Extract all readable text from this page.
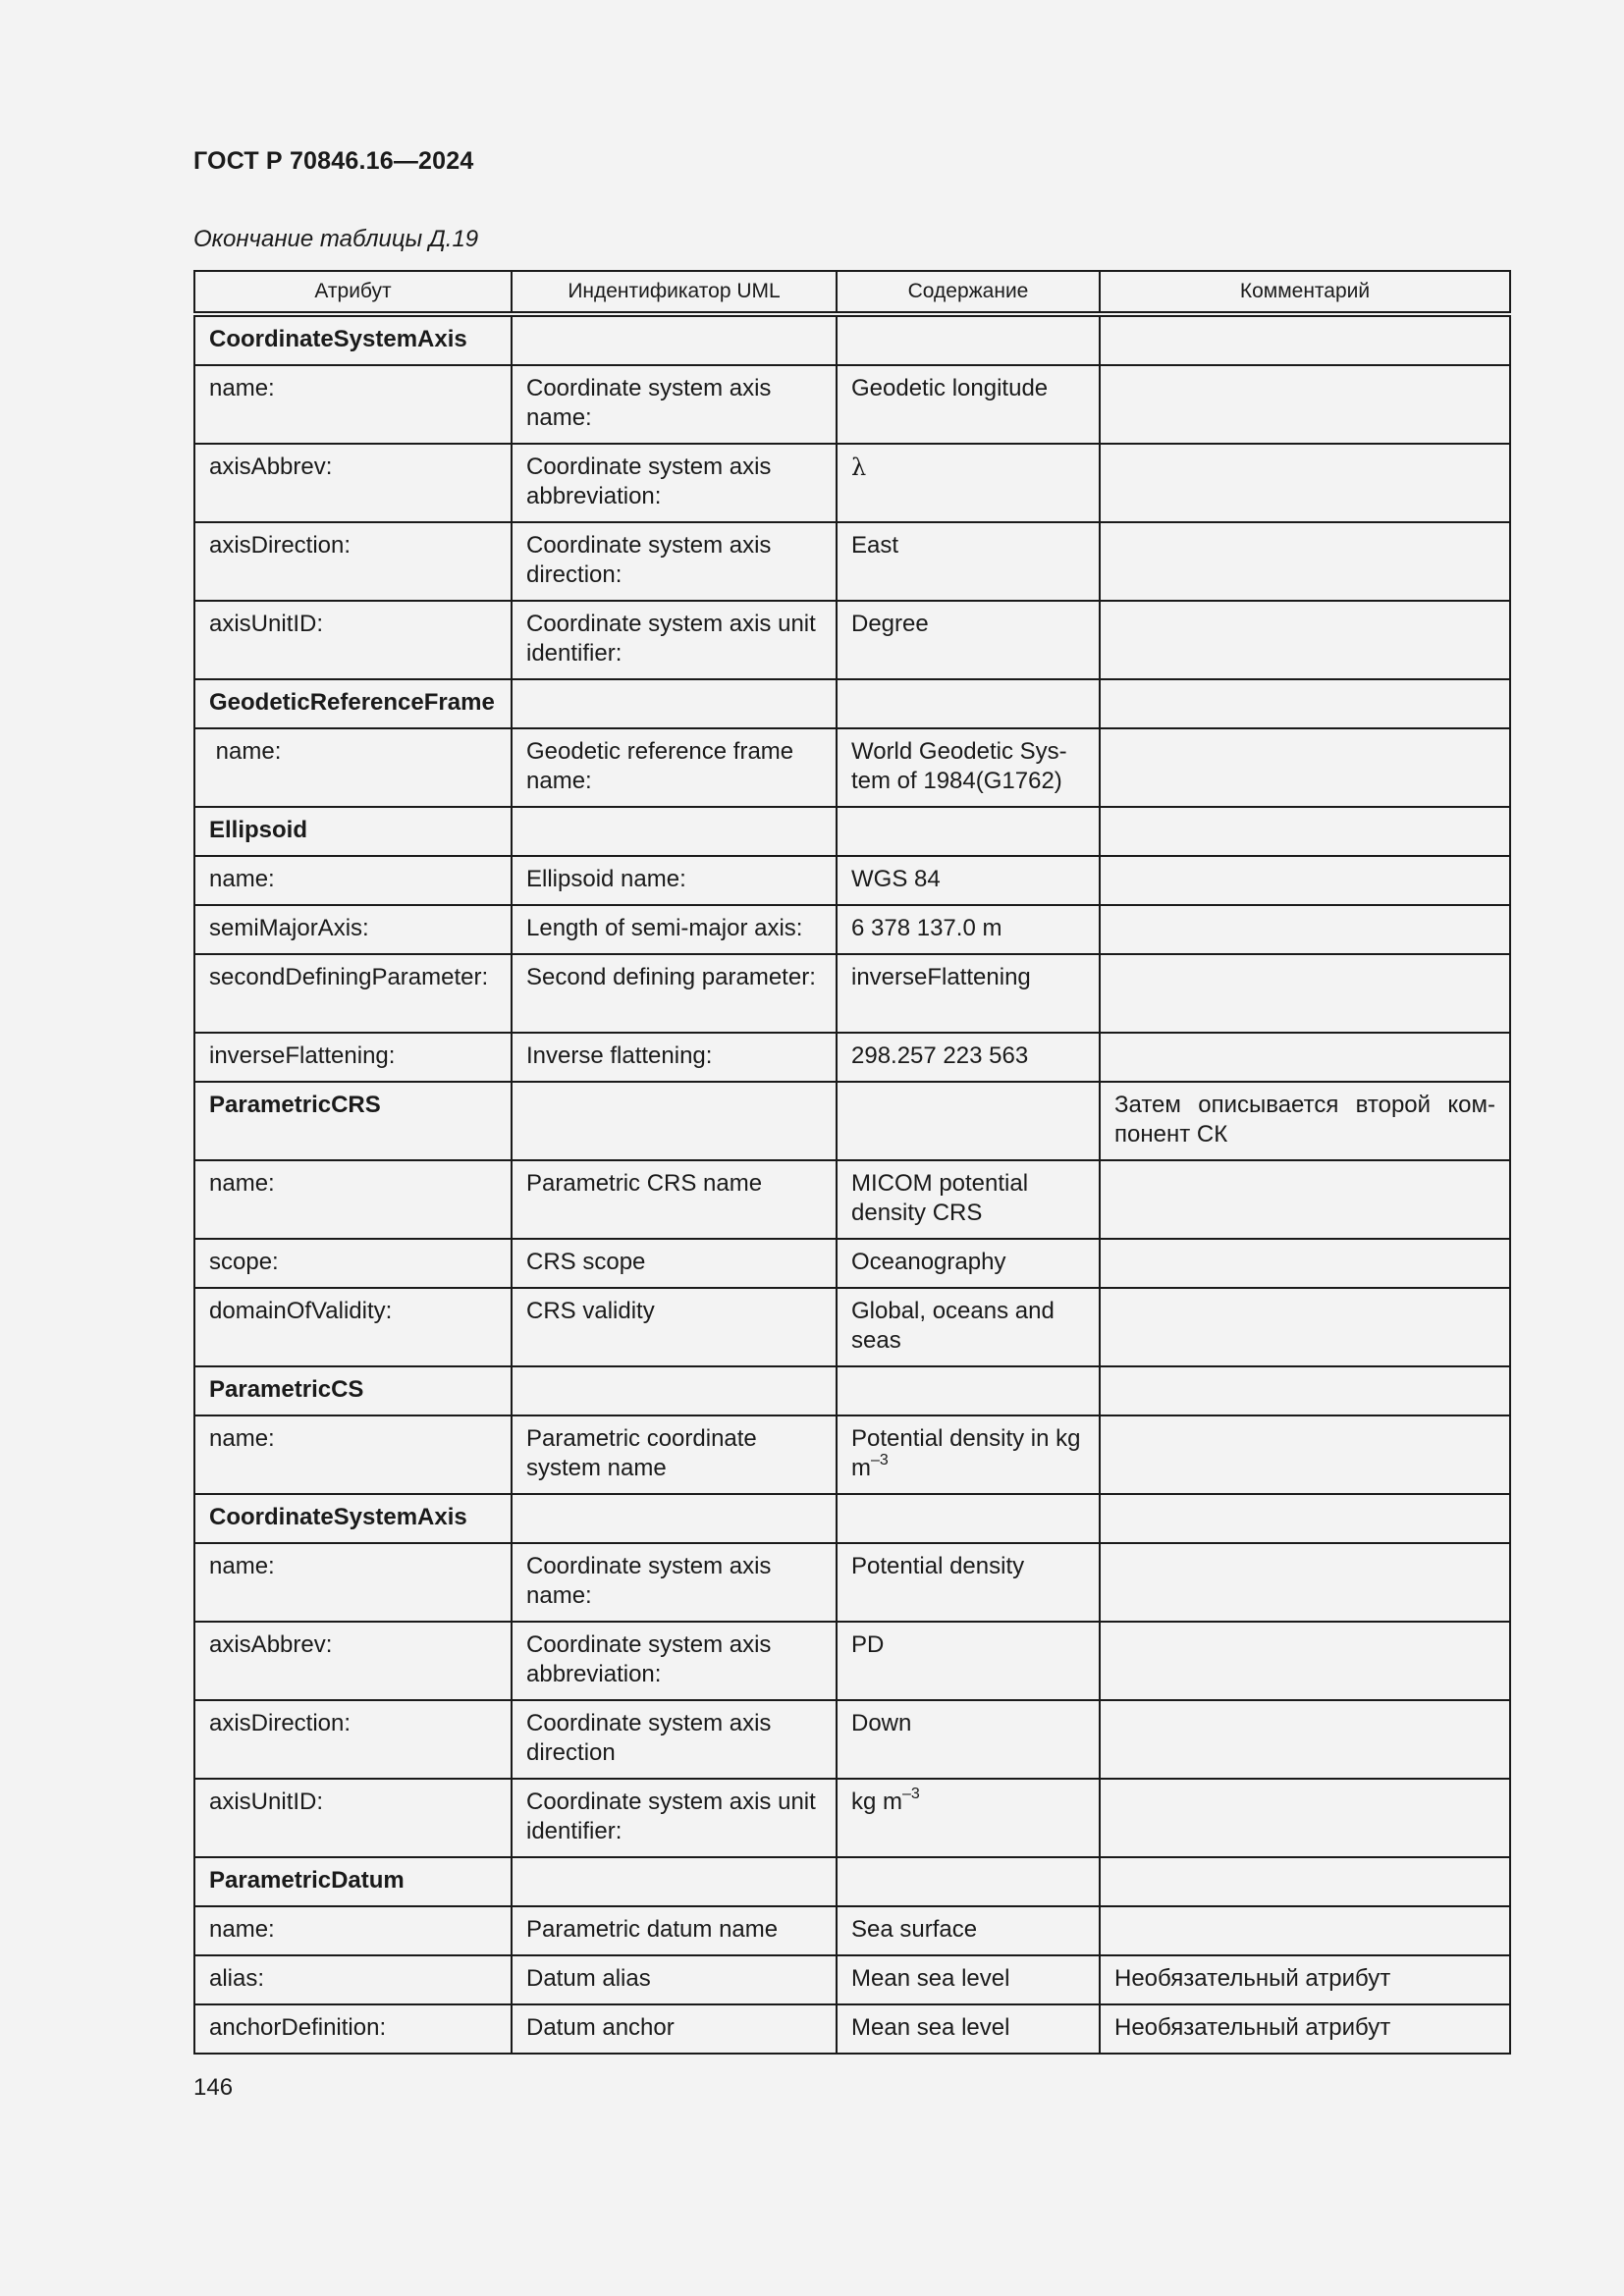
ГОСТ Р 70846.16—2024
Окончание таблицы Д.19
Атрибут	Индентификатор UML	Содержание	Комментарий
CoordinateSystemAxis			
name:	Coordinate system axis name:	Geodetic longitude	
axisAbbrev:	Coordinate system axis abbreviation:	λ	
axisDirection:	Coordinate system axis direction:	East	
axisUnitID:	Coordinate system axis unit identifier:	Degree	
GeodeticReferenceFrame			
name:	Geodetic reference frame name:	World Geodetic Sys-tem of 1984(G1762)	
Ellipsoid			
name:	Ellipsoid name:	WGS 84	
semiMajorAxis:	Length of semi-major axis:	6 378 137.0 m	
secondDefiningParameter:	Second defining parameter:	inverseFlattening	
inverseFlattening:	Inverse flattening:	298.257 223 563	
ParametricCRS			Затем описывается второй ком-понент СК
name:	Parametric CRS name	MICOM potential density CRS	
scope:	CRS scope	Oceanography	
domainOfValidity:	CRS validity	Global, oceans and seas	
ParametricCS			
name:	Parametric coordinate system name	Potential density in kg $m^{-3}$	
CoordinateSystemAxis			
name:	Coordinate system axis name:	Potential density	
axisAbbrev:	Coordinate system axis abbreviation:	PD	
axisDirection:	Coordinate system axis direction	Down	
axisUnitID:	Coordinate system axis unit identifier:	kg $m^{-3}$	
ParametricDatum			
name:	Parametric datum name	Sea surface	
alias:	Datum alias	Mean sea level	Необязательный атрибут
anchorDefinition:	Datum anchor	Mean sea level	Необязательный атрибут
146
